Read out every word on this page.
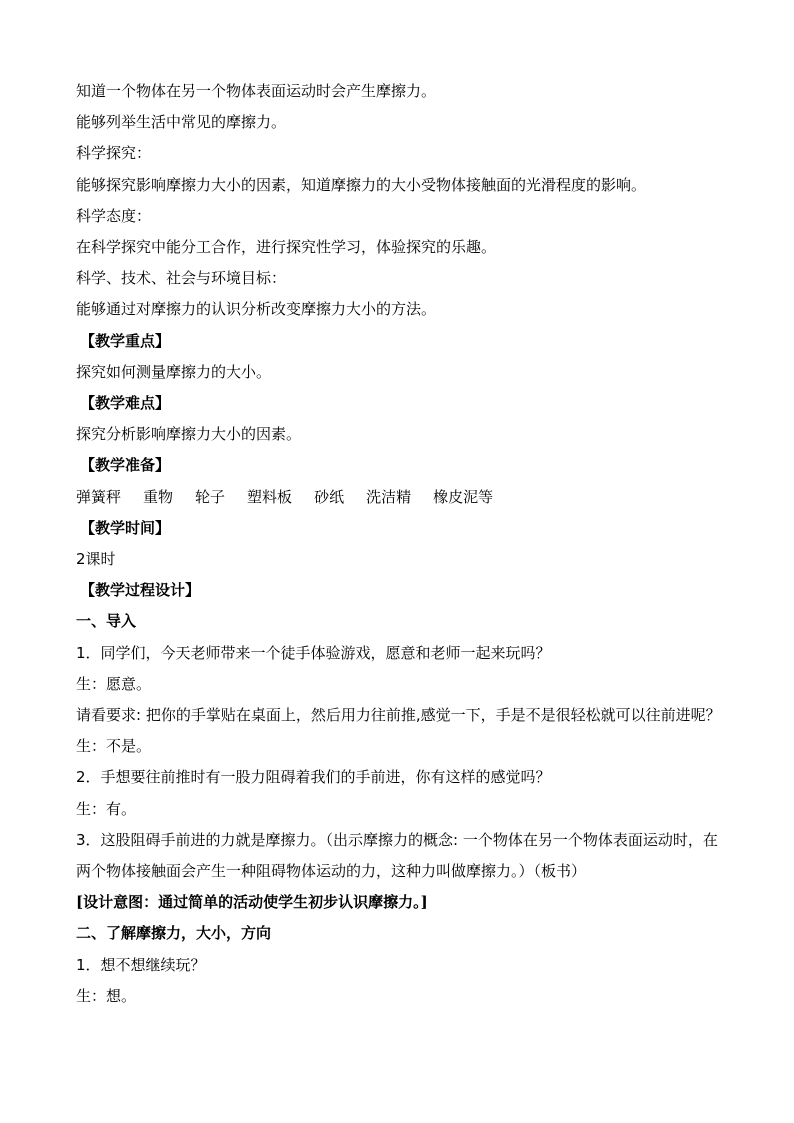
知道一个物体在另一个物体表面运动时会产生摩擦力。

能够列举生活中常见的摩擦力。

科学探究：

能够探究影响摩擦力大小的因素，知道摩擦力的大小受物体接触面的光滑程度的影响。

科学态度：

在科学探究中能分工合作，进行探究性学习，体验探究的乐趣。

科学、技术、社会与环境目标：

能够通过对摩擦力的认识分析改变摩擦力大小的方法。

【教学重点】

探究如何测量摩擦力的大小。

【教学难点】

探究分析影响摩擦力大小的因素。

【教学准备】

弹簧秤 重物 轮子 塑料板 砂纸 洗洁精 橡皮泥等

【教学时间】

2课时

【教学过程设计】

一、导入

1．同学们，今天老师带来一个徒手体验游戏，愿意和老师一起来玩吗？

生：愿意。

请看要求: 把你的手掌贴在桌面上，然后用力往前推,感觉一下，手是不是很轻松就可以往前进呢？

生：不是。

2．手想要往前推时有一股力阻碍着我们的手前进，你有这样的感觉吗？

生：有。

3．这股阻碍手前进的力就是摩擦力。（出示摩擦力的概念: 一个物体在另一个物体表面运动时，在两个物体接触面会产生一种阻碍物体运动的力，这种力叫做摩擦力。）（板书）

[设计意图：通过简单的活动使学生初步认识摩擦力。]

二、了解摩擦力，大小，方向

1．想不想继续玩？

生：想。
